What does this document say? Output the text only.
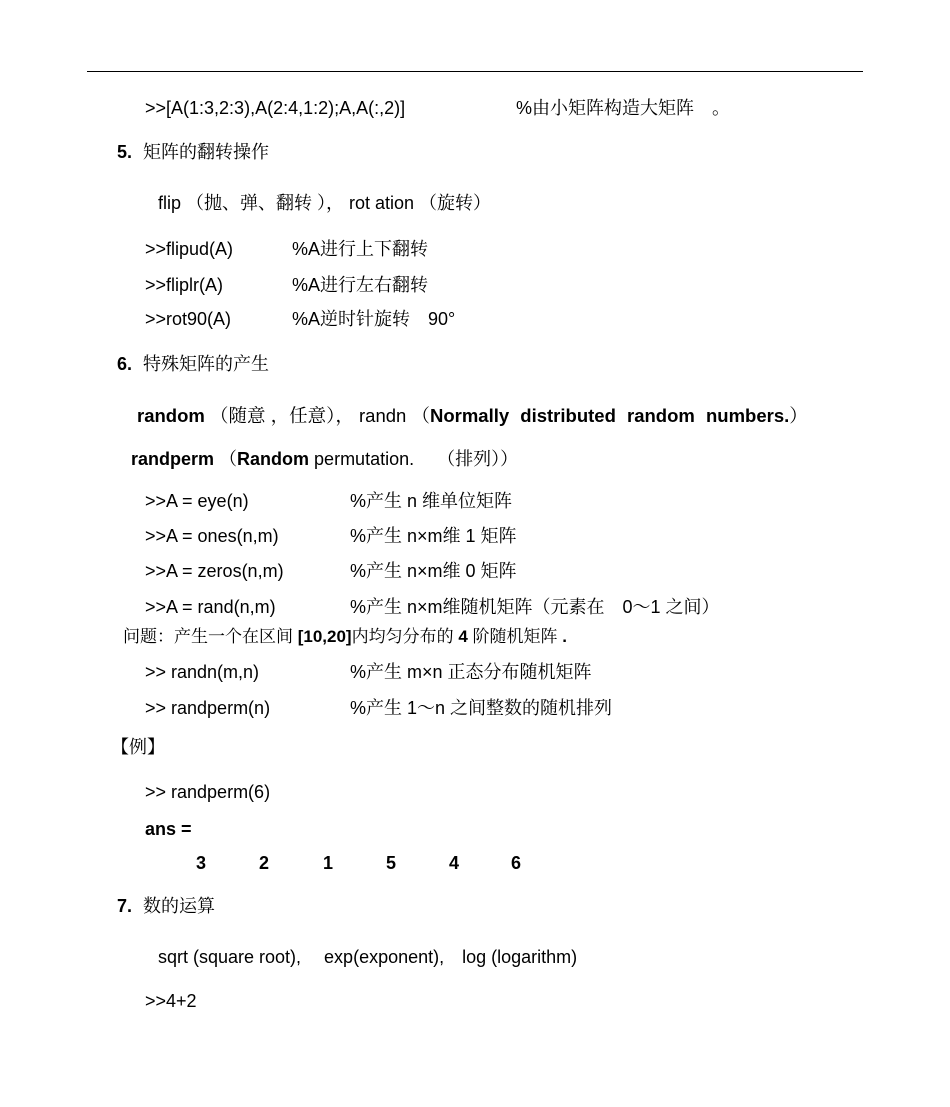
>>[A(1:3,2:3),A(2:4,1:2);A,A(:,2)]	%由小矩阵构造大矩阵　。
5. 矩阵的翻转操作
flip （抛、弹、翻转 ）， rot ation （旋转）
>>flipud(A)	%A进行上下翻转
>>fliplr(A)	%A进行左右翻转
>>rot90(A)	%A逆时针旋转　90°
6. 特殊矩阵的产生
random （随意 ，任意）， randn （Normally distributed random numbers.）
randperm （Random permutation.　 （排列））
>>A = eye(n)	%产生 n 维单位矩阵
>>A = ones(n,m)	%产生 n×m维 1 矩阵
>>A = zeros(n,m)	%产生 n×m维 0 矩阵
>>A = rand(n,m)	%产生 n×m维随机矩阵（元素在　0～1 之间）
问题：产生一个在区间 [10,20]内均匀分布的 4 阶随机矩阵 .
>> randn(m,n)	%产生 m×n 正态分布随机矩阵
>> randperm(n)	%产生 1～n 之间整数的随机排列
【例】
>> randperm(6)
ans =
3	2	1	5	4	6
7. 数的运算
sqrt (square root),　 exp(exponent),　log (logarithm)
>>4+2
